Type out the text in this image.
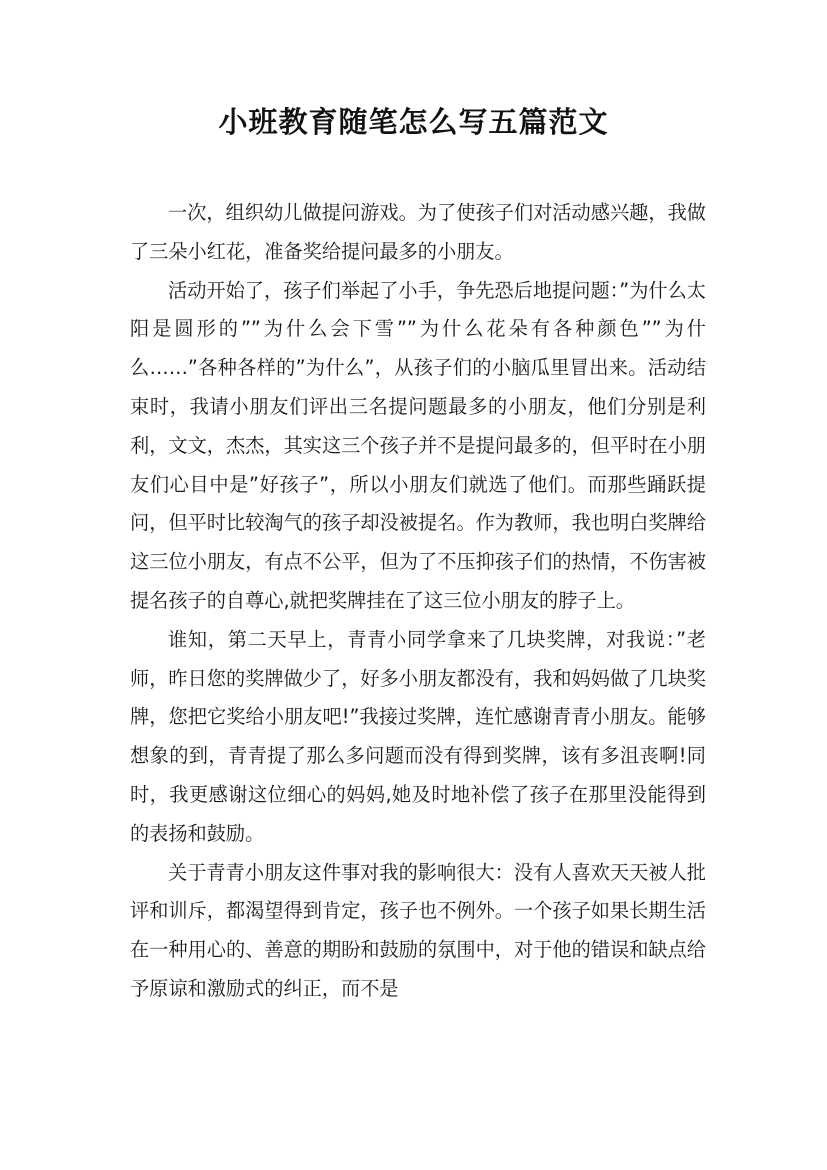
小班教育随笔怎么写五篇范文

一次，组织幼儿做提问游戏。为了使孩子们对活动感兴趣，我做了三朵小红花，准备奖给提问最多的小朋友。

活动开始了，孩子们举起了小手，争先恐后地提问题：”为什么太阳是圆形的””为什么会下雪””为什么花朵有各种颜色””为什么……”各种各样的”为什么”，从孩子们的小脑瓜里冒出来。活动结束时，我请小朋友们评出三名提问题最多的小朋友，他们分别是利利，文文，杰杰，其实这三个孩子并不是提问最多的，但平时在小朋友们心目中是”好孩子”，所以小朋友们就选了他们。而那些踊跃提问，但平时比较淘气的孩子却没被提名。作为教师，我也明白奖牌给这三位小朋友，有点不公平，但为了不压抑孩子们的热情，不伤害被提名孩子的自尊心,就把奖牌挂在了这三位小朋友的脖子上。

谁知，第二天早上，青青小同学拿来了几块奖牌，对我说：”老师，昨日您的奖牌做少了，好多小朋友都没有，我和妈妈做了几块奖牌，您把它奖给小朋友吧!”我接过奖牌，连忙感谢青青小朋友。能够想象的到，青青提了那么多问题而没有得到奖牌，该有多沮丧啊!同时，我更感谢这位细心的妈妈,她及时地补偿了孩子在那里没能得到的表扬和鼓励。

关于青青小朋友这件事对我的影响很大：没有人喜欢天天被人批评和训斥，都渴望得到肯定，孩子也不例外。一个孩子如果长期生活在一种用心的、善意的期盼和鼓励的氛围中，对于他的错误和缺点给予原谅和激励式的纠正，而不是
